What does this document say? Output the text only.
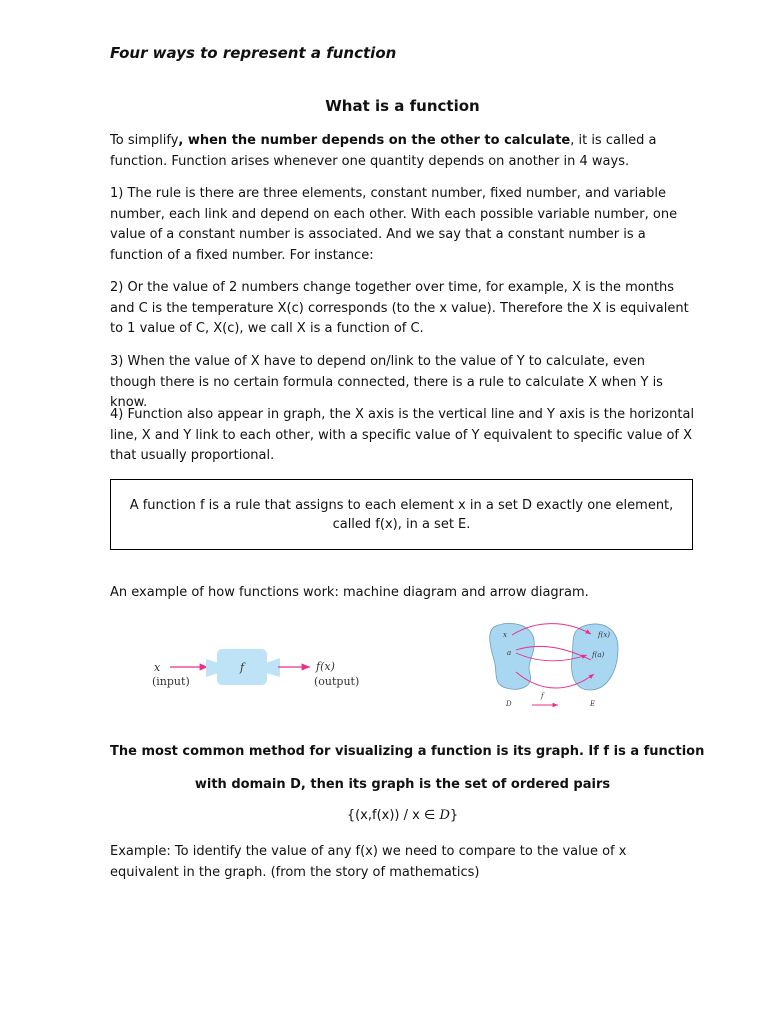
Four ways to represent a function
What is a function
To simplify, when the number depends on the other to calculate, it is called a function. Function arises whenever one quantity depends on another in 4 ways.
1) The rule is there are three elements, constant number, fixed number, and variable number, each link and depend on each other. With each possible variable number, one value of a constant number is associated. And we say that a constant number is a function of a fixed number. For instance:
2) Or the value of 2 numbers change together over time, for example, X is the months and C is the temperature X(c) corresponds (to the x value). Therefore the X is equivalent to 1 value of C, X(c), we call X is a function of C.
3) When the value of X have to depend on/link to the value of Y to calculate, even though there is no certain formula connected, there is a rule to calculate X when Y is know.
4) Function also appear in graph, the X axis is the vertical line and Y axis is the horizontal line, X and Y link to each other, with a specific value of Y equivalent to specific value of X that usually proportional.
A function f is a rule that assigns to each element x in a set D exactly one element, called f(x), in a set E.
An example of how functions work: machine diagram and arrow diagram.
x
(input)
f	f(x)
(output)
x
a
f(x)
f(a)
D
f
E
The most common method for visualizing a function is its graph. If f is a function
with domain D, then its graph is the set of ordered pairs
{(x,f(x)) / x ∈ D}
Example: To identify the value of any f(x) we need to compare to the value of x equivalent in the graph. (from the story of mathematics)
